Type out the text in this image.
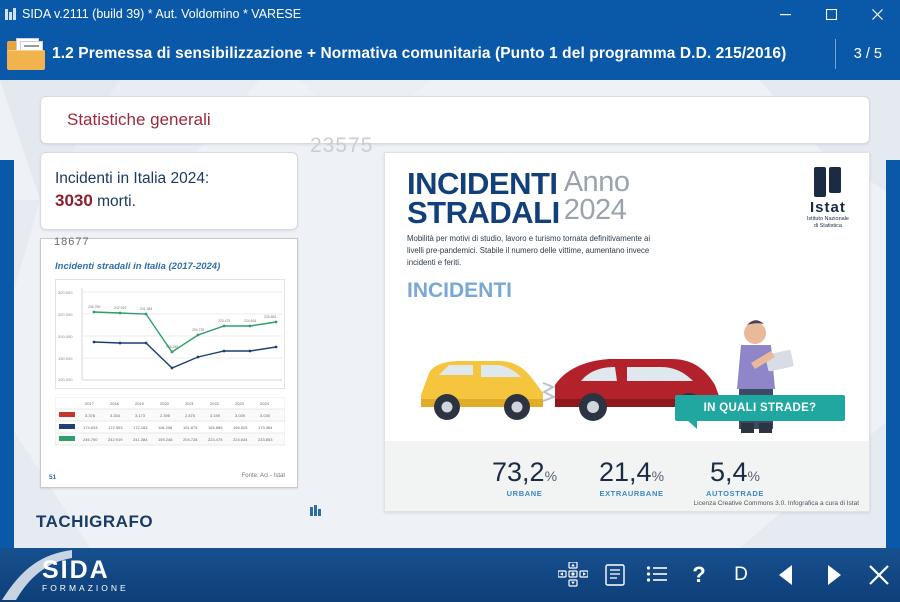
SIDA v.2111 (build 39) * Aut. Voldomino * VARESE
1.2 Premessa di sensibilizzazione + Normativa comunitaria (Punto 1 del programma D.D. 215/2016)	3 / 5
Statistiche generali
23575
Incidenti in Italia 2024:
3030 morti.
51
Incidenti stradali in Italia (2017-2024)
300.000
250.000
200.000
150.000
100.000
246.750	242.919	241.384
159.248
204.728
223.475	224.634
233.853
2017	2018	2019	2020	2021	2022	2023	2024
3.378	3.334	3.173	2.395	2.875	3.159	3.039	3.030
174.933	172.553	172.183	118.298	151.875	165.889	166.525	173.364
246.750	242.919	241.384	159.248	204.728	223.475	224.634	233.853
Fonte: Aci - Istat
18677
TACHIGRAFO
INCIDENTI
STRADALI
Anno
2024	Istat
Istituto Nazionale
di Statistica
Mobilità per motivi di studio, lavoro e turismo tornata definitivamente ai livelli pre-pandemici. Stabile il numero delle vittime, aumentano invece incidenti e feriti.
INCIDENTI
IN QUALI STRADE?
73,2%
URBANE
21,4%
EXTRAURBANE
5,4%
AUTOSTRADE
Licenza Creative Commons 3.0. Infografica a cura di Istat
SIDA
FORMAZIONE
? D
